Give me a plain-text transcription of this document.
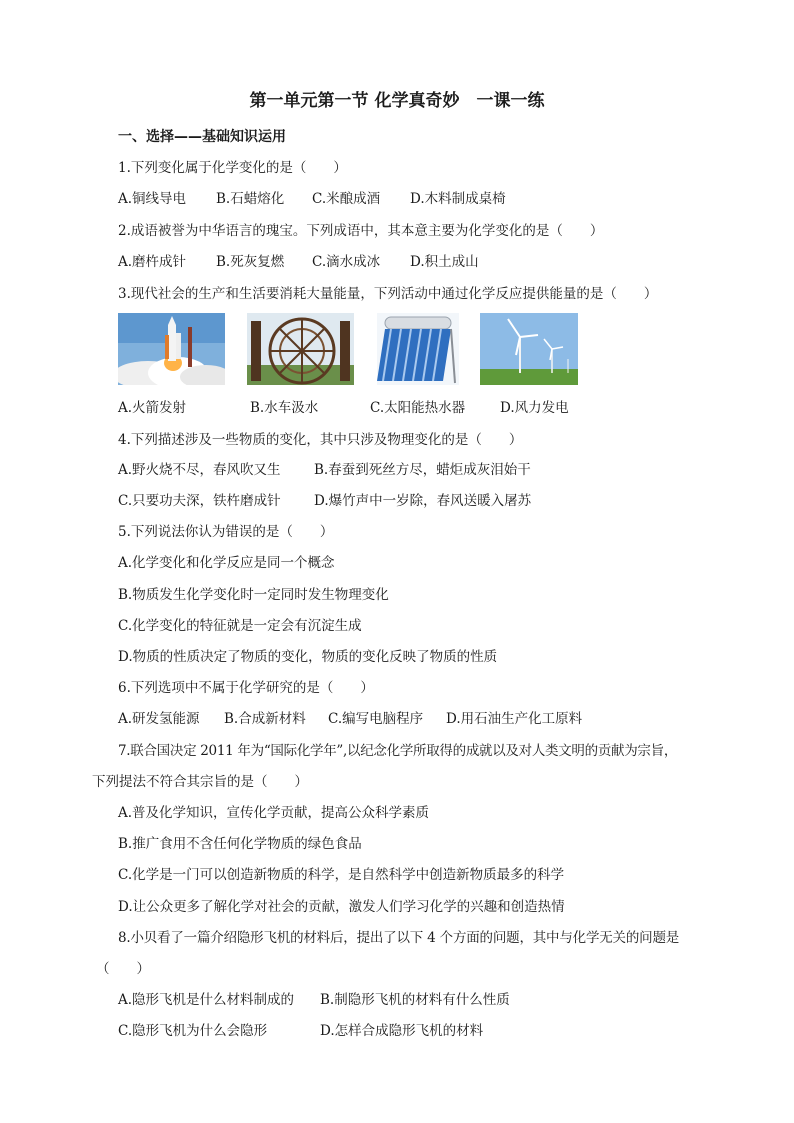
第一单元第一节 化学真奇妙　一课一练
一、选择——基础知识运用
1.下列变化属于化学变化的是（　　）
A.铜线导电 B.石蜡熔化 C.米酿成酒 D.木料制成桌椅
2.成语被誉为中华语言的瑰宝。下列成语中，其本意主要为化学变化的是（　　）
A.磨杵成针 B.死灰复燃 C.滴水成冰 D.积土成山
3.现代社会的生产和生活要消耗大量能量，下列活动中通过化学反应提供能量的是（　　）
A.火箭发射	B.水车汲水	C.太阳能热水器	D.风力发电
4.下列描述涉及一些物质的变化，其中只涉及物理变化的是（　　）
A.野火烧不尽，春风吹又生 B.春蚕到死丝方尽，蜡炬成灰泪始干
C.只要功夫深，铁杵磨成针 D.爆竹声中一岁除，春风送暖入屠苏
5.下列说法你认为错误的是（　　）
A.化学变化和化学反应是同一个概念
B.物质发生化学变化时一定同时发生物理变化
C.化学变化的特征就是一定会有沉淀生成
D.物质的性质决定了物质的变化，物质的变化反映了物质的性质
6.下列选项中不属于化学研究的是（　　）
A.研发氢能源 B.合成新材料 C.编写电脑程序 D.用石油生产化工原料
7.联合国决定 2011 年为“国际化学年”,以纪念化学所取得的成就以及对人类文明的贡献为宗旨，
下列提法不符合其宗旨的是（　　）
A.普及化学知识，宣传化学贡献，提高公众科学素质
B.推广食用不含任何化学物质的绿色食品
C.化学是一门可以创造新物质的科学，是自然科学中创造新物质最多的科学
D.让公众更多了解化学对社会的贡献，激发人们学习化学的兴趣和创造热情
8.小贝看了一篇介绍隐形飞机的材料后，提出了以下 4 个方面的问题，其中与化学无关的问题是
（　　）
A.隐形飞机是什么材料制成的 B.制隐形飞机的材料有什么性质
C.隐形飞机为什么会隐形	D.怎样合成隐形飞机的材料
